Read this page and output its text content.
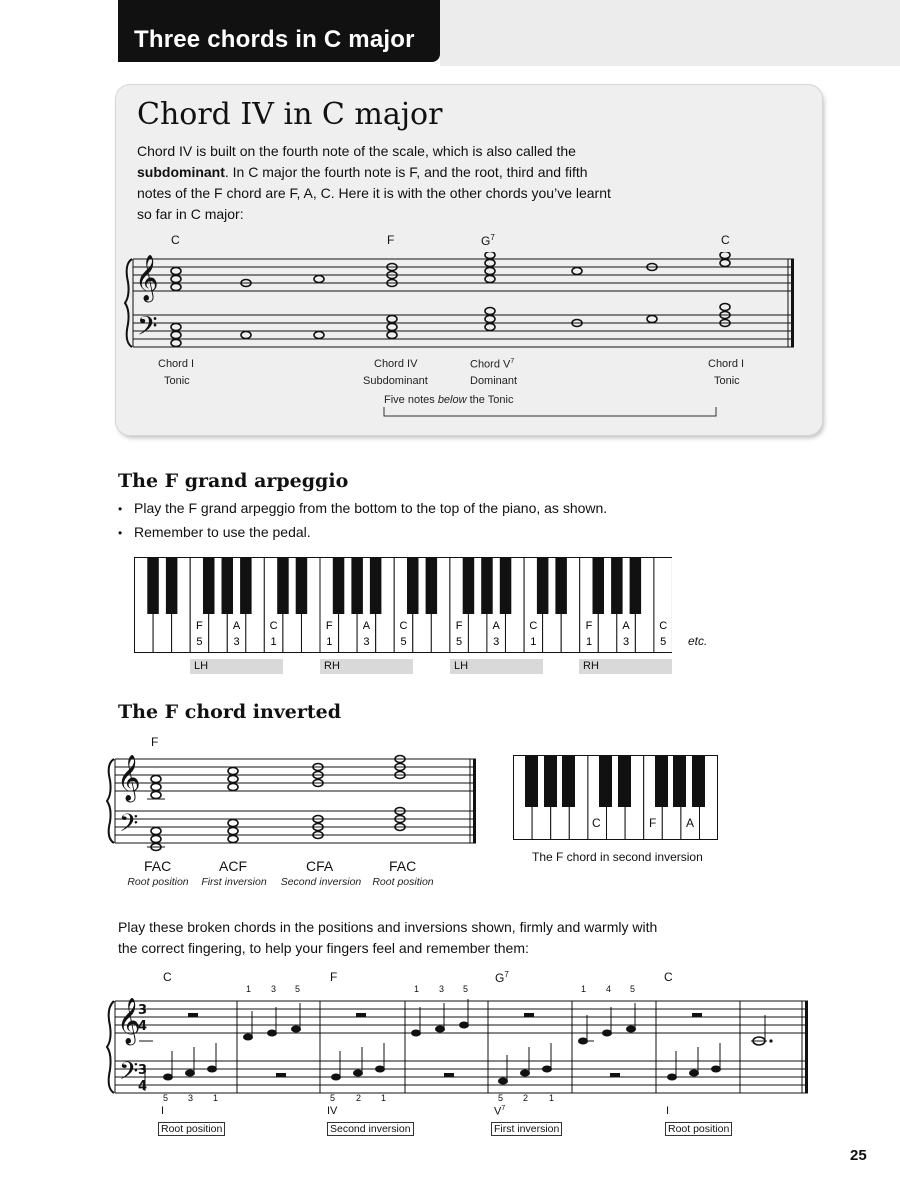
Three chords in C major
Chord IV in C major
Chord IV is built on the fourth note of the scale, which is also called the subdominant. In C major the fourth note is F, and the root, third and fifth notes of the F chord are F, A, C. Here it is with the other chords you’ve learnt so far in C major:
C	F	$G^7$	C
𝄞
𝄢
Chord I
Tonic
Chord IV
Subdominant
Chord $V^7$
Dominant
Chord I
Tonic
Five notes below the Tonic
The F grand arpeggio
• Play the F grand arpeggio from the bottom to the top of the piano, as shown.
• Remember to use the pedal.
F
5
A
3
C
1
F
1
A
3
C
5
F
5
A
3
C
1
F
1
A
3
C
5 etc.
LH	RH	LH	RH
The F chord inverted
F
𝄞
𝄢
FAC
Root position
ACF
First inversion
CFA
Second inversion
FAC
Root position
C	F A
The F chord in second inversion
Play these broken chords in the positions and inversions shown, firmly and warmly with the correct fingering, to help your fingers feel and remember them:
C	F	$G^7$	C
1 3 5	1 3 5	1 4 5
𝄞
𝄢
3
4
3
4
5 3 1	5 2 1	5 2 1
I	IV	$V^7$	I
Root position	Second inversion	First inversion	Root position
25
